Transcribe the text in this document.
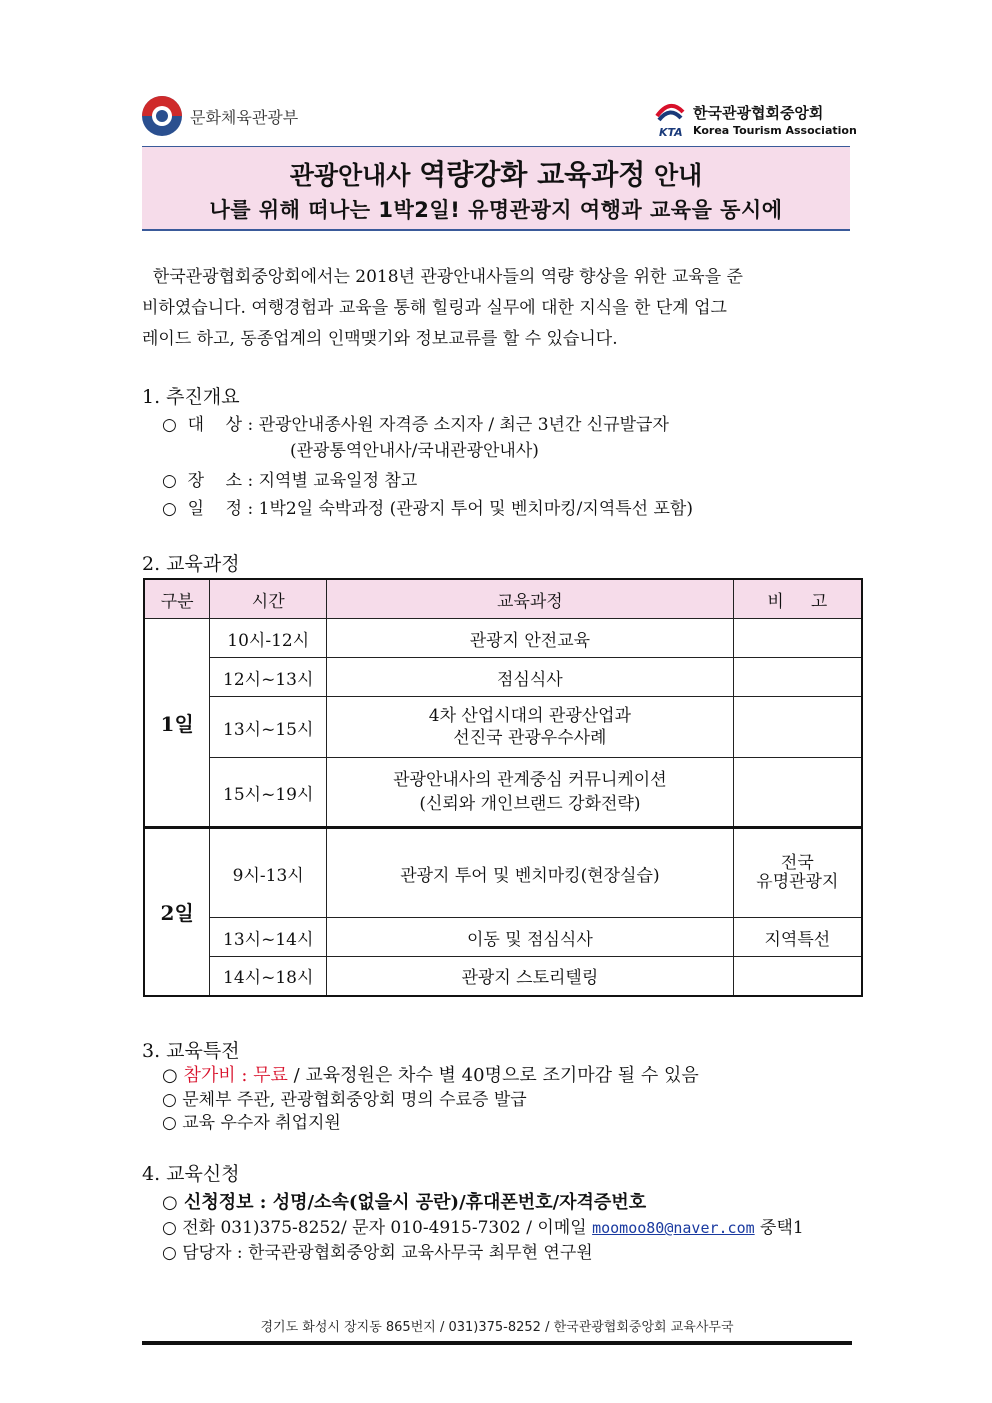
문화체육관광부
KTA
한국관광협회중앙회
Korea Tourism Association
관광안내사 역량강화 교육과정 안내
나를 위해 떠나는 1박2일! 유명관광지 여행과 교육을 동시에
한국관광협회중앙회에서는 2018년 관광안내사들의 역량 향상을 위한 교육을 준
비하였습니다. 여행경험과 교육을 통해 힐링과 실무에 대한 지식을 한 단계 업그
레이드 하고, 동종업계의 인맥맺기와 정보교류를 할 수 있습니다.
1. 추진개요
○  대    상 : 관광안내종사원 자격증 소지자 / 최근 3년간 신규발급자
(관광통역안내사/국내관광안내사)
○  장    소 : 지역별 교육일정 참고
○  일    정 : 1박2일 숙박과정 (관광지 투어 및 벤치마킹/지역특선 포함)
2. 교육과정
구분	시간	교육과정	비     고
1일	10시-12시	관광지 안전교육	
	12시~13시	점심식사	
	13시~15시	4차 산업시대의 관광산업과
선진국 관광우수사례	

	15시~19시	관광안내사의 관계중심 커뮤니케이션
(신뢰와 개인브랜드 강화전략)	

2일	9시-13시	관광지 투어 및 벤치마킹(현장실습)	전국
유명관광지

	13시~14시	이동 및 점심식사	지역특선
	14시~18시	관광지 스토리텔링	
3. 교육특전
○ 참가비 : 무료 / 교육정원은 차수 별 40명으로 조기마감 될 수 있음
○ 문체부 주관, 관광협회중앙회 명의 수료증 발급
○ 교육 우수자 취업지원
4. 교육신청
○ 신청정보 : 성명/소속(없을시 공란)/휴대폰번호/자격증번호
○ 전화 031)375-8252/ 문자 010-4915-7302 / 이메일 moomoo80@naver.com 중택1
○ 담당자 : 한국관광협회중앙회 교육사무국 최무현 연구원
경기도 화성시 장지동 865번지 / 031)375-8252 / 한국관광협회중앙회 교육사무국
